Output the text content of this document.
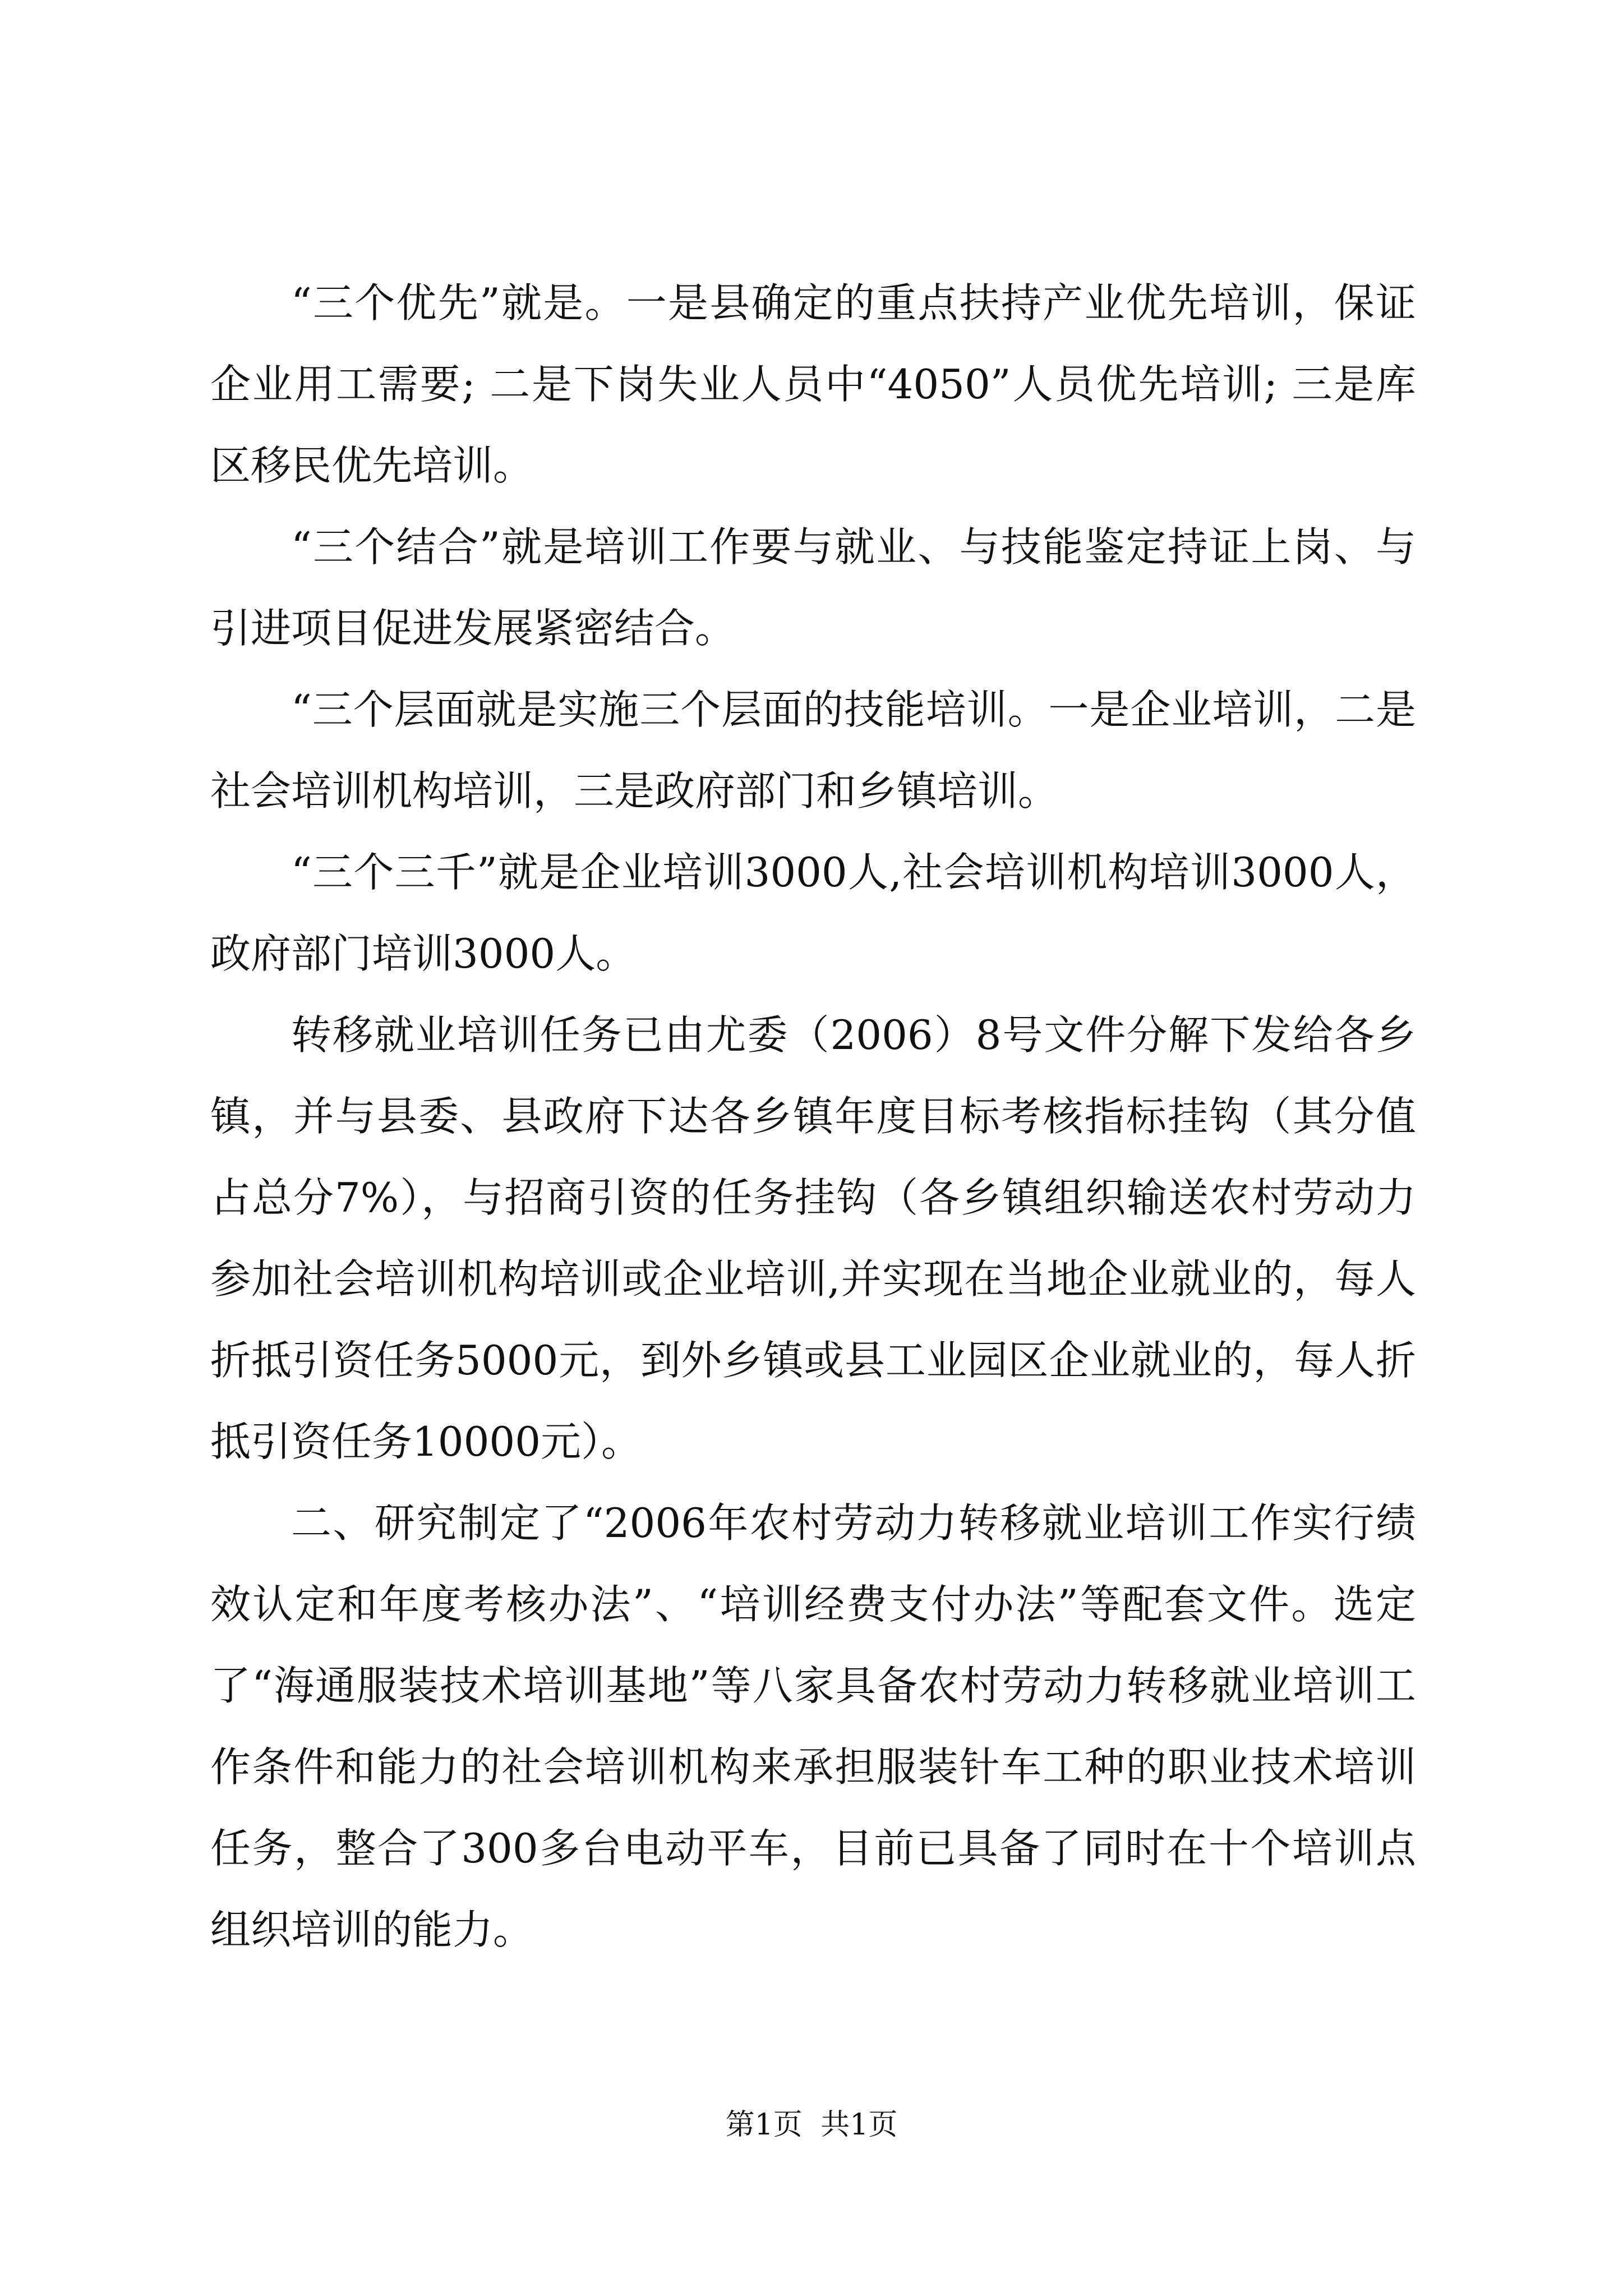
“三个优先”就是。一是县确定的重点扶持产业优先培训，保证企业用工需要; 二是下岗失业人员中“4050”人员优先培训; 三是库区移民优先培训。

“三个结合”就是培训工作要与就业、与技能鉴定持证上岗、与引进项目促进发展紧密结合。

“三个层面就是实施三个层面的技能培训。一是企业培训，二是社会培训机构培训，三是政府部门和乡镇培训。

“三个三千”就是企业培训3000人,社会培训机构培训3000人，政府部门培训3000人。

转移就业培训任务已由尤委（2006）8号文件分解下发给各乡镇，并与县委、县政府下达各乡镇年度目标考核指标挂钩（其分值占总分7%），与招商引资的任务挂钩（各乡镇组织输送农村劳动力参加社会培训机构培训或企业培训,并实现在当地企业就业的，每人折抵引资任务5000元，到外乡镇或县工业园区企业就业的，每人折抵引资任务10000元）。

二、研究制定了“2006年农村劳动力转移就业培训工作实行绩效认定和年度考核办法”、“培训经费支付办法”等配套文件。选定了“海通服装技术培训基地”等八家具备农村劳动力转移就业培训工作条件和能力的社会培训机构来承担服装针车工种的职业技术培训任务，整合了300多台电动平车，目前已具备了同时在十个培训点组织培训的能力。

第1页 共1页
